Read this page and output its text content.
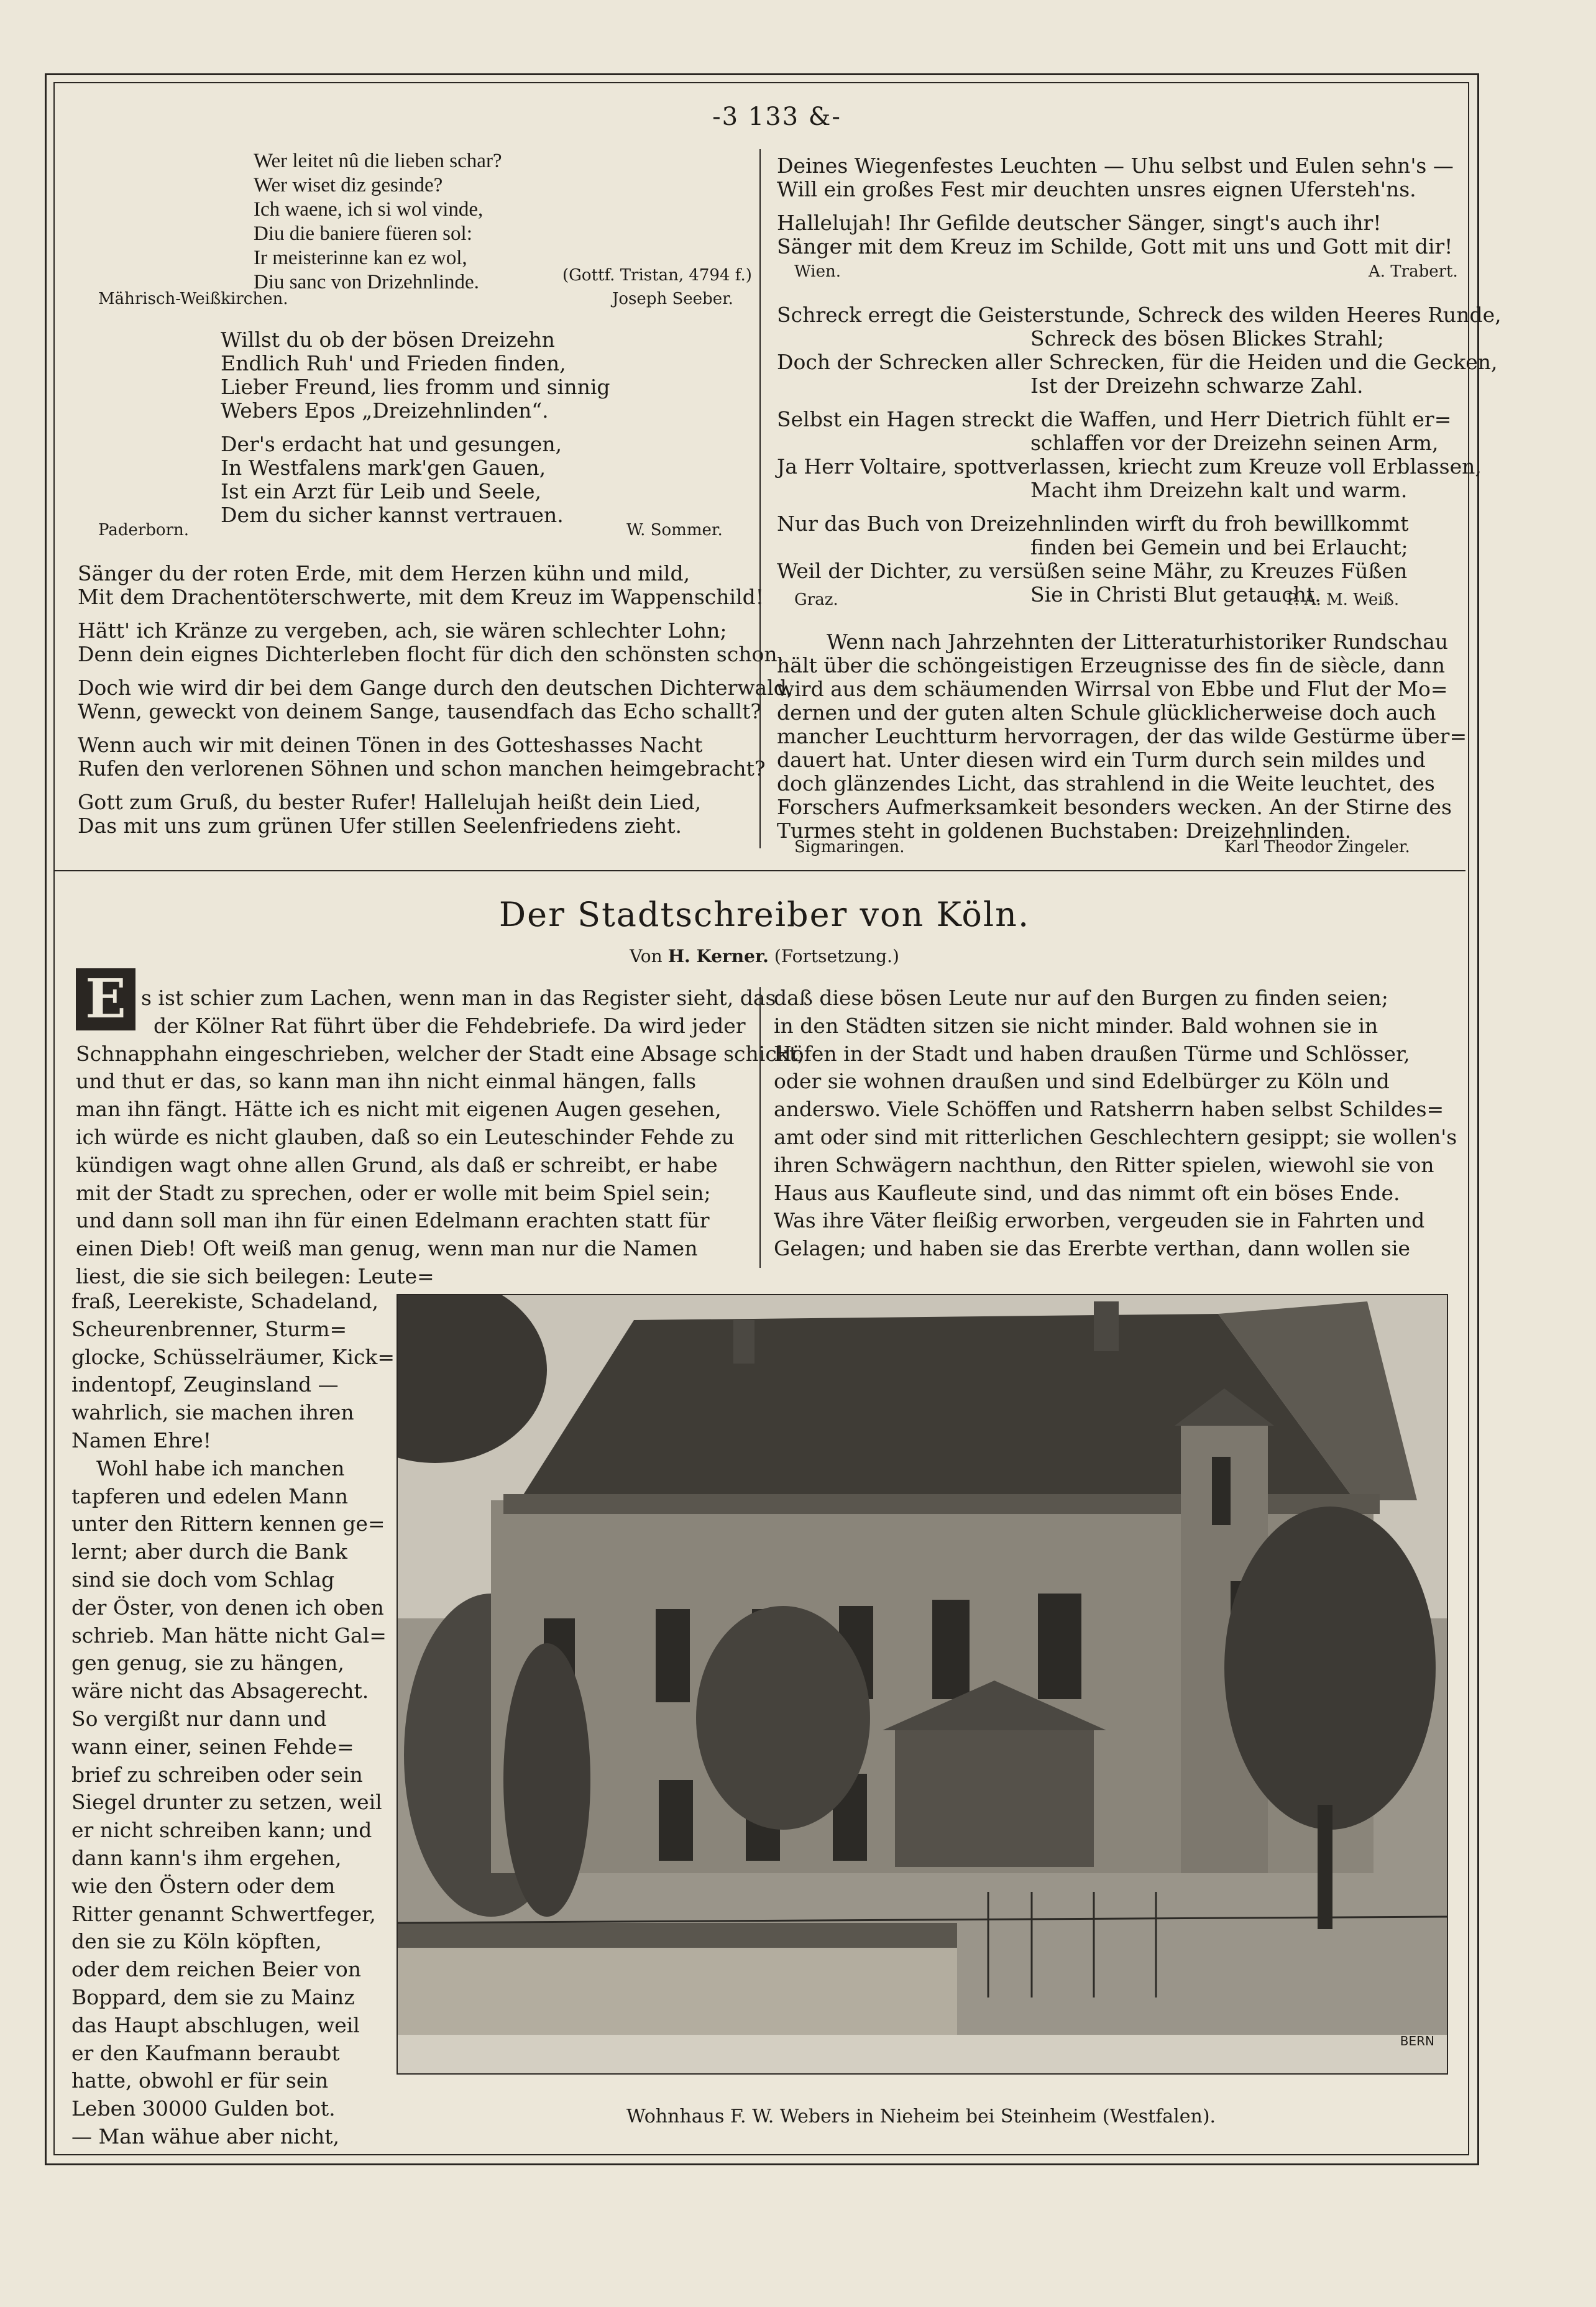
-3 133 &-
Wer leitet nû die lieben schar?
Wer wiset diz gesinde?
Ich waene, ich si wol vinde,
Diu die baniere füeren sol:
Ir meisterinne kan ez wol,
Diu sanc von Drizehnlinde.	(Gottf. Tristan, 4794 f.)
Mährisch-Weißkirchen.	Joseph Seeber.
Willst du ob der bösen Dreizehn
Endlich Ruh' und Frieden finden,
Lieber Freund, lies fromm und sinnig
Webers Epos „Dreizehnlinden“.
Der's erdacht hat und gesungen,
In Westfalens mark'gen Gauen,
Ist ein Arzt für Leib und Seele,
Dem du sicher kannst vertrauen.
Paderborn.	W. Sommer.
Sänger du der roten Erde, mit dem Herzen kühn und mild,
Mit dem Drachentöterschwerte, mit dem Kreuz im Wappenschild!
Hätt' ich Kränze zu vergeben, ach, sie wären schlechter Lohn;
Denn dein eignes Dichterleben flocht für dich den schönsten schon.
Doch wie wird dir bei dem Gange durch den deutschen Dichterwald,
Wenn, geweckt von deinem Sange, tausendfach das Echo schallt?
Wenn auch wir mit deinen Tönen in des Gotteshasses Nacht
Rufen den verlorenen Söhnen und schon manchen heimgebracht?
Gott zum Gruß, du bester Rufer! Hallelujah heißt dein Lied,
Das mit uns zum grünen Ufer stillen Seelenfriedens zieht.
Deines Wiegenfestes Leuchten — Uhu selbst und Eulen sehn's —
Will ein großes Fest mir deuchten unsres eignen Ufersteh'ns.
Hallelujah! Ihr Gefilde deutscher Sänger, singt's auch ihr!
Sänger mit dem Kreuz im Schilde, Gott mit uns und Gott mit dir!
Wien.	A. Trabert.
Schreck erregt die Geisterstunde, Schreck des wilden Heeres Runde,
Schreck des bösen Blickes Strahl;
Doch der Schrecken aller Schrecken, für die Heiden und die Gecken,
Ist der Dreizehn schwarze Zahl.
Selbst ein Hagen streckt die Waffen, und Herr Dietrich fühlt er=
schlaffen vor der Dreizehn seinen Arm,
Ja Herr Voltaire, spottverlassen, kriecht zum Kreuze voll Erblassen,
Macht ihm Dreizehn kalt und warm.
Nur das Buch von Dreizehnlinden wirft du froh bewillkommt
finden bei Gemein und bei Erlaucht;
Weil der Dichter, zu versüßen seine Mähr, zu Kreuzes Füßen
Sie in Christi Blut getaucht.
Graz.	P. A. M. Weiß.
Wenn nach Jahrzehnten der Litteraturhistoriker Rundschau
hält über die schöngeistigen Erzeugnisse des fin de siècle, dann
wird aus dem schäumenden Wirrsal von Ebbe und Flut der Mo=
dernen und der guten alten Schule glücklicherweise doch auch
mancher Leuchtturm hervorragen, der das wilde Gestürme über=
dauert hat. Unter diesen wird ein Turm durch sein mildes und
doch glänzendes Licht, das strahlend in die Weite leuchtet, des
Forschers Aufmerksamkeit besonders wecken. An der Stirne des
Turmes steht in goldenen Buchstaben: Dreizehnlinden.
Sigmaringen.	Karl Theodor Zingeler.
Der Stadtschreiber von Köln.
Von H. Kerner. (Fortsetzung.)
E s ist schier zum Lachen, wenn man in das Register sieht, das
der Kölner Rat führt über die Fehdebriefe. Da wird jeder
Schnapphahn eingeschrieben, welcher der Stadt eine Absage schickt;
und thut er das, so kann man ihn nicht einmal hängen, falls
man ihn fängt. Hätte ich es nicht mit eigenen Augen gesehen,
ich würde es nicht glauben, daß so ein Leuteschinder Fehde zu
kündigen wagt ohne allen Grund, als daß er schreibt, er habe
mit der Stadt zu sprechen, oder er wolle mit beim Spiel sein;
und dann soll man ihn für einen Edelmann erachten statt für
einen Dieb! Oft weiß man genug, wenn man nur die Namen
liest, die sie sich beilegen: Leute=
daß diese bösen Leute nur auf den Burgen zu finden seien;
in den Städten sitzen sie nicht minder. Bald wohnen sie in
Höfen in der Stadt und haben draußen Türme und Schlösser,
oder sie wohnen draußen und sind Edelbürger zu Köln und
anderswo. Viele Schöffen und Ratsherrn haben selbst Schildes=
amt oder sind mit ritterlichen Geschlechtern gesippt; sie wollen's
ihren Schwägern nachthun, den Ritter spielen, wiewohl sie von
Haus aus Kaufleute sind, und das nimmt oft ein böses Ende.
Was ihre Väter fleißig erworben, vergeuden sie in Fahrten und
Gelagen; und haben sie das Ererbte verthan, dann wollen sie
fraß, Leerekiste, Schadeland,
Scheurenbrenner, Sturm=
glocke, Schüsselräumer, Kick=
indentopf, Zeuginsland —
wahrlich, sie machen ihren
Namen Ehre!
Wohl habe ich manchen
tapferen und edelen Mann
unter den Rittern kennen ge=
lernt; aber durch die Bank
sind sie doch vom Schlag
der Öster, von denen ich oben
schrieb. Man hätte nicht Gal=
gen genug, sie zu hängen,
wäre nicht das Absagerecht.
So vergißt nur dann und
wann einer, seinen Fehde=
brief zu schreiben oder sein
Siegel drunter zu setzen, weil
er nicht schreiben kann; und
dann kann's ihm ergehen,
wie den Östern oder dem
Ritter genannt Schwertfeger,
den sie zu Köln köpften,
oder dem reichen Beier von
Boppard, dem sie zu Mainz
das Haupt abschlugen, weil
er den Kaufmann beraubt
hatte, obwohl er für sein
Leben 30000 Gulden bot.
— Man wähue aber nicht,
BERN
Wohnhaus F. W. Webers in Nieheim bei Steinheim (Westfalen).
